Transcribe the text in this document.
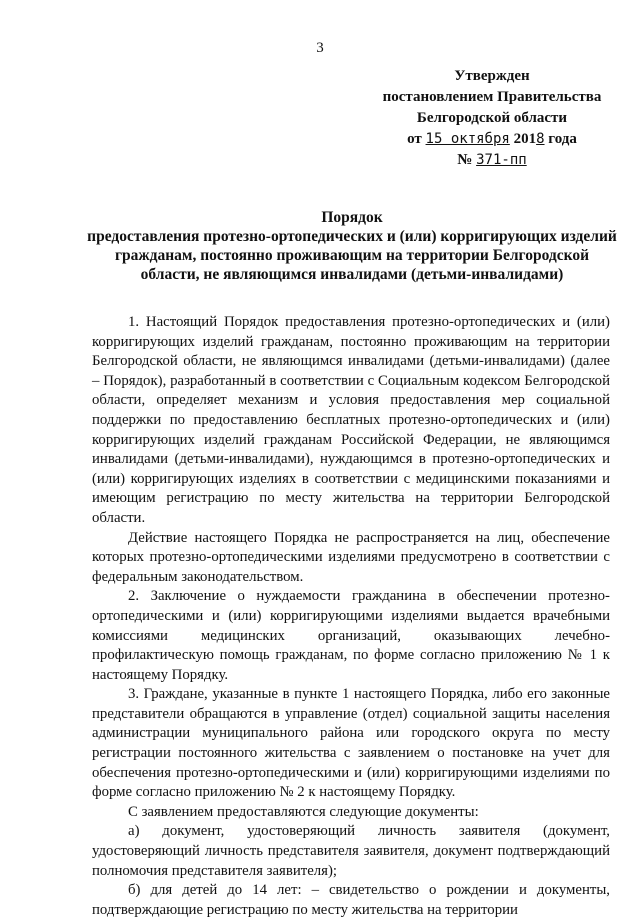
3
Утвержден
постановлением Правительства
Белгородской области
от 15 октября 2018 года
№ 371-пп
Порядок
предоставления протезно-ортопедических и (или) корригирующих изделий гражданам, постоянно проживающим на территории Белгородской области, не являющимся инвалидами (детьми-инвалидами)

1. Настоящий Порядок предоставления протезно-ортопедических и (или) корригирующих изделий гражданам, постоянно проживающим на территории Белгородской области, не являющимся инвалидами (детьми-инвалидами) (далее – Порядок), разработанный в соответствии с Социальным кодексом Белгородской области, определяет механизм и условия предоставления мер социальной поддержки по предоставлению бесплатных протезно-ортопедических и (или) корригирующих изделий гражданам Российской Федерации, не являющимся инвалидами (детьми-инвалидами), нуждающимся в протезно-ортопедических и (или) корригирующих изделиях в соответствии с медицинскими показаниями и имеющим регистрацию по месту жительства на территории Белгородской области.

Действие настоящего Порядка не распространяется на лиц, обеспечение которых протезно-ортопедическими изделиями предусмотрено в соответствии с федеральным законодательством.

2. Заключение о нуждаемости гражданина в обеспечении протезно-ортопедическими и (или) корригирующими изделиями выдается врачебными комиссиями медицинских организаций, оказывающих лечебно-профилактическую помощь гражданам, по форме согласно приложению № 1 к настоящему Порядку.

3. Граждане, указанные в пункте 1 настоящего Порядка, либо его законные представители обращаются в управление (отдел) социальной защиты населения администрации муниципального района или городского округа по месту регистрации постоянного жительства с заявлением о постановке на учет для обеспечения протезно-ортопедическими и (или) корригирующими изделиями по форме согласно приложению № 2 к настоящему Порядку.

С заявлением предоставляются следующие документы:

а) документ, удостоверяющий личность заявителя (документ, удостоверяющий личность представителя заявителя, документ подтверждающий полномочия представителя заявителя);

б) для детей до 14 лет: – свидетельство о рождении и документы, подтверждающие регистрацию по месту жительства на территории
